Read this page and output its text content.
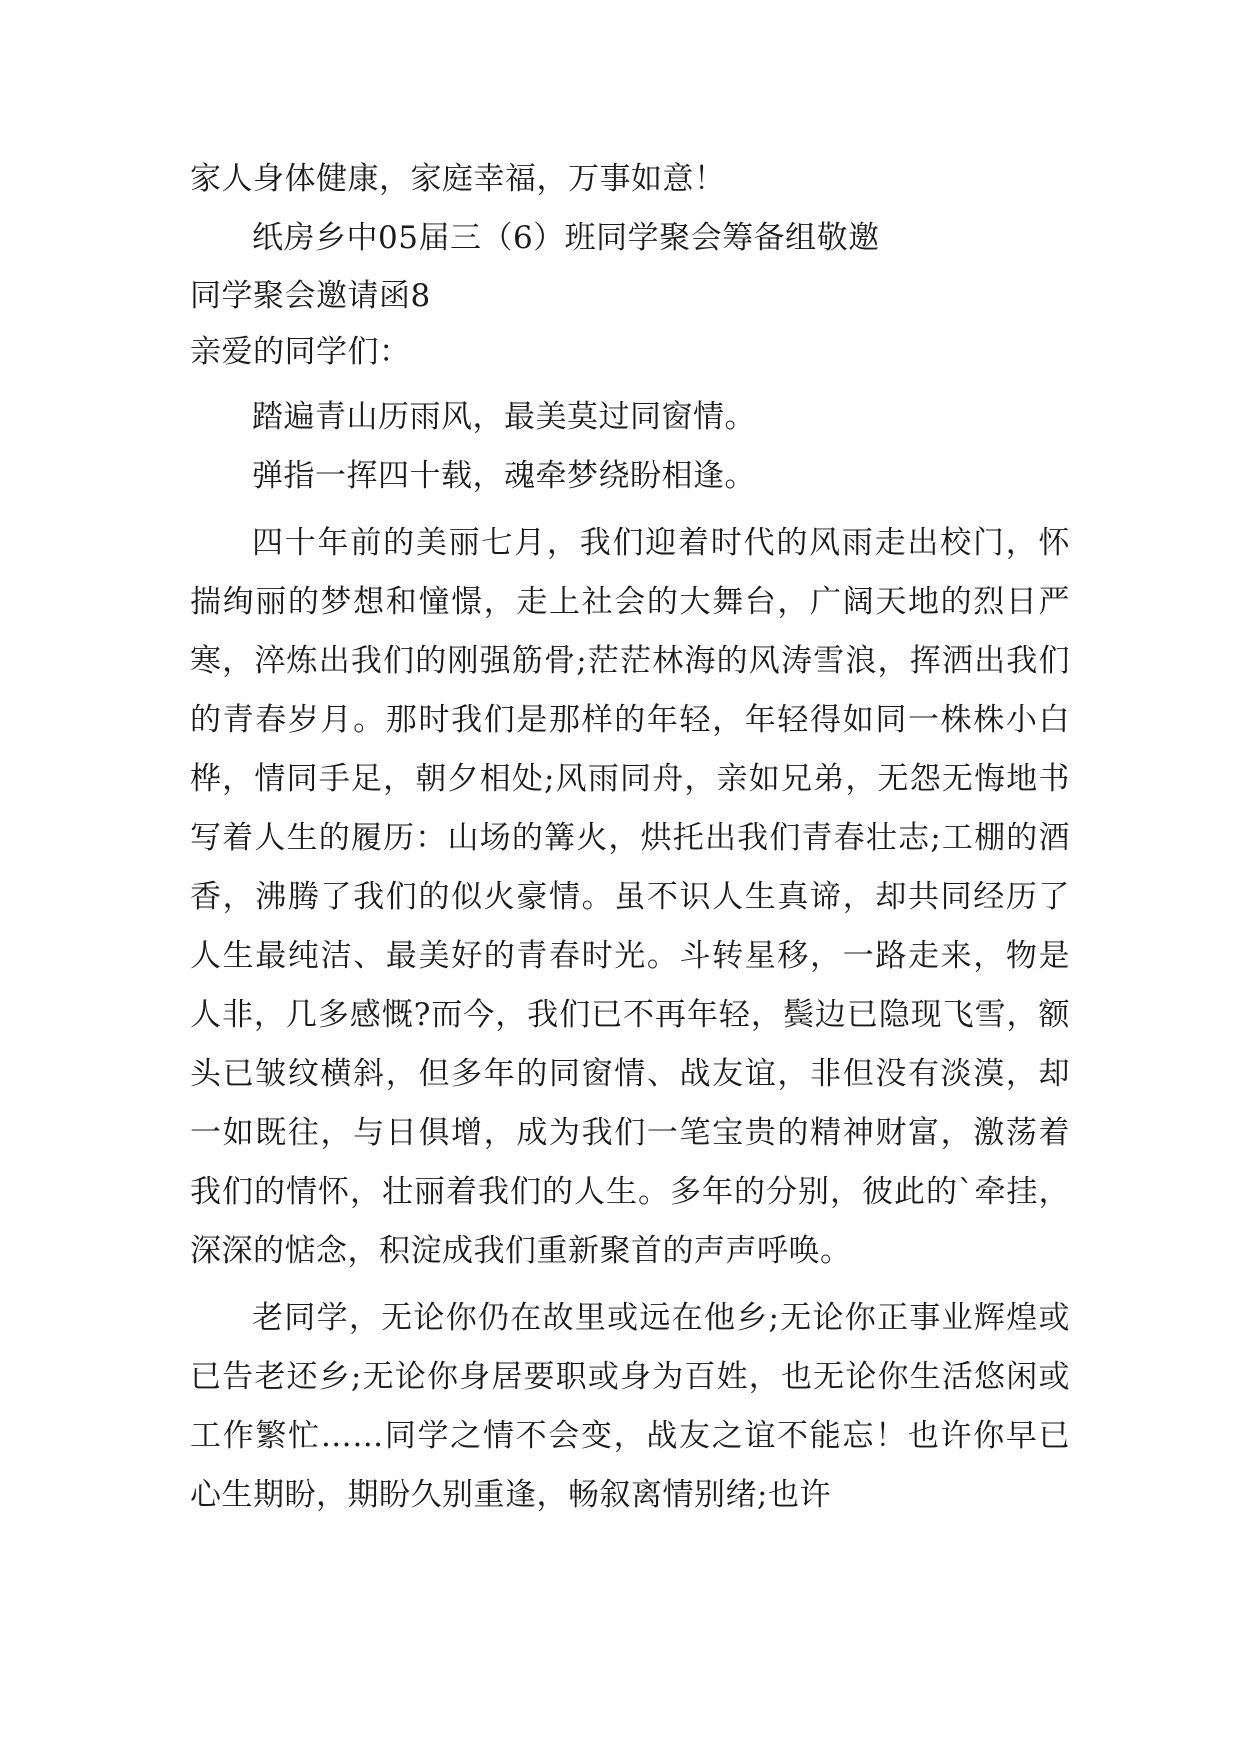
家人身体健康，家庭幸福，万事如意！
纸房乡中05届三（6）班同学聚会筹备组敬邀
同学聚会邀请函8
亲爱的同学们：
踏遍青山历雨风，最美莫过同窗情。
弹指一挥四十载，魂牵梦绕盼相逢。
四十年前的美丽七月，我们迎着时代的风雨走出校门，怀揣绚丽的梦想和憧憬，走上社会的大舞台，广阔天地的烈日严寒，淬炼出我们的刚强筋骨;茫茫林海的风涛雪浪，挥洒出我们的青春岁月。那时我们是那样的年轻，年轻得如同一株株小白桦，情同手足，朝夕相处;风雨同舟，亲如兄弟，无怨无悔地书写着人生的履历：山场的篝火，烘托出我们青春壮志;工棚的酒香，沸腾了我们的似火豪情。虽不识人生真谛，却共同经历了人生最纯洁、最美好的青春时光。斗转星移，一路走来，物是人非，几多感慨?而今，我们已不再年轻，鬓边已隐现飞雪，额头已皱纹横斜，但多年的同窗情、战友谊，非但没有淡漠，却一如既往，与日俱增，成为我们一笔宝贵的精神财富，激荡着我们的情怀，壮丽着我们的人生。多年的分别，彼此的`牵挂，深深的惦念，积淀成我们重新聚首的声声呼唤。
老同学，无论你仍在故里或远在他乡;无论你正事业辉煌或已告老还乡;无论你身居要职或身为百姓，也无论你生活悠闲或工作繁忙……同学之情不会变，战友之谊不能忘！也许你早已心生期盼，期盼久别重逢，畅叙离情别绪;也许
